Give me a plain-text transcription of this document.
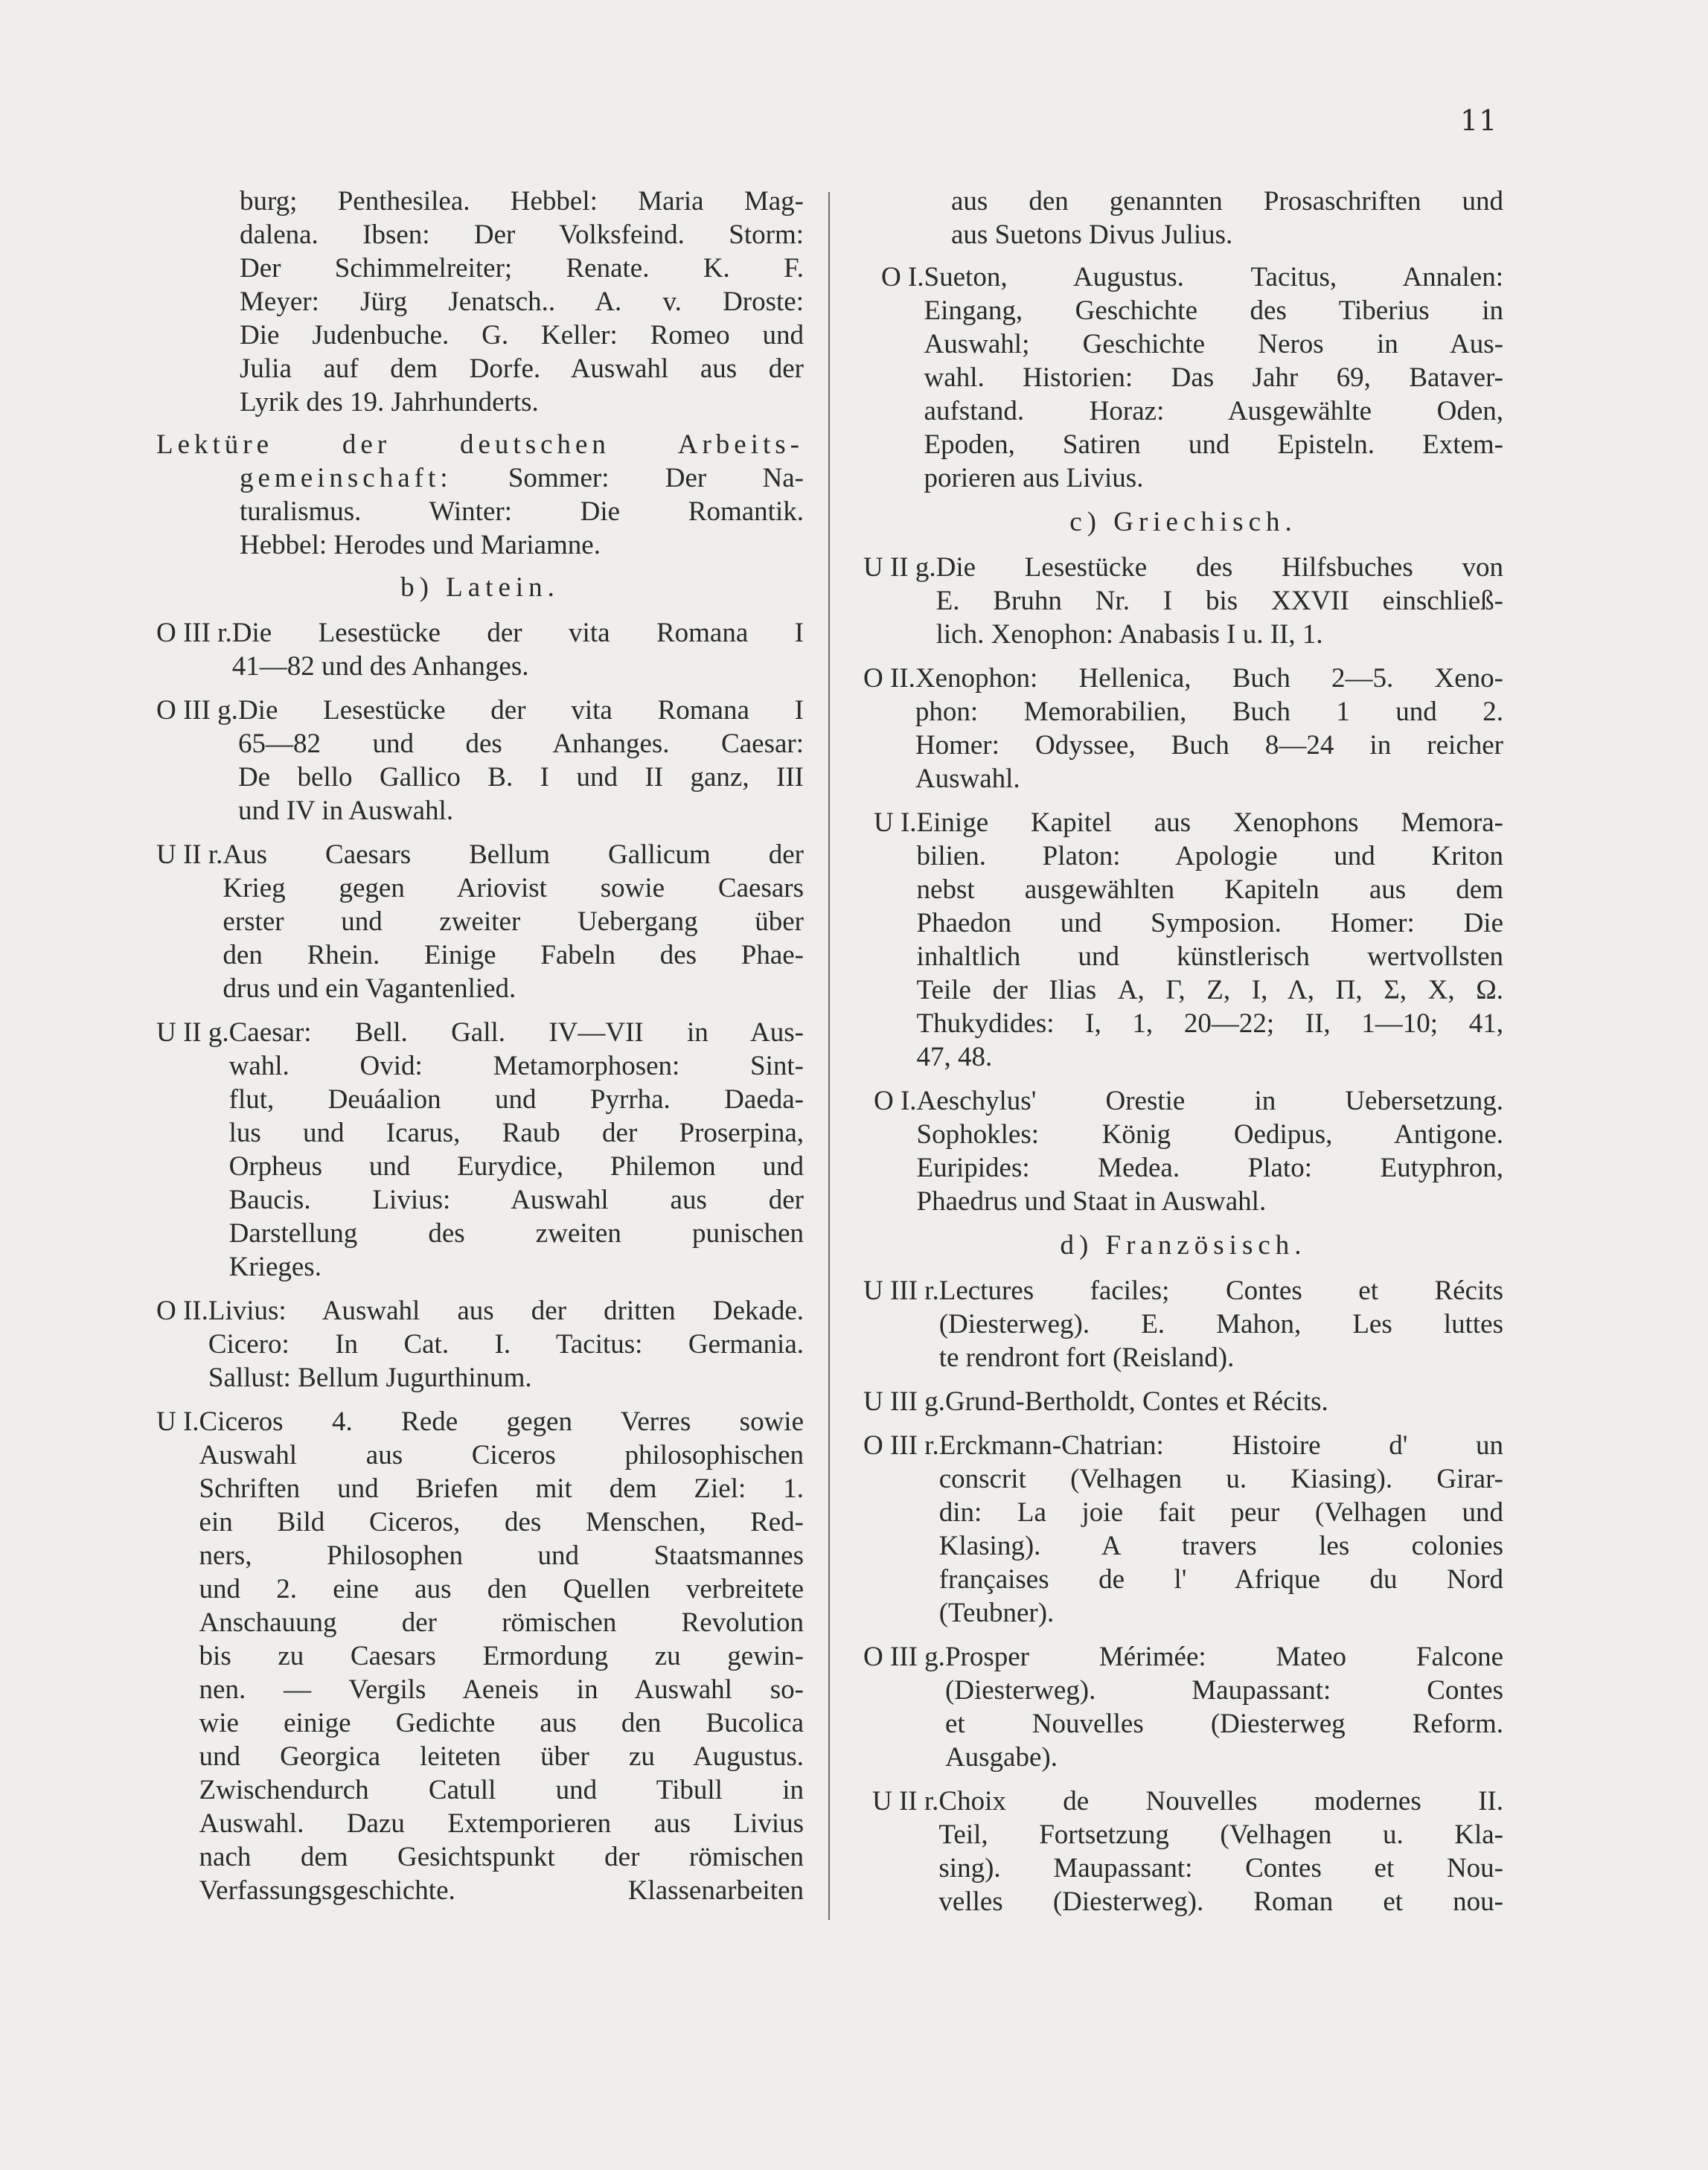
11
burg; Penthesilea. Hebbel: Maria Mag-
dalena. Ibsen: Der Volksfeind. Storm:
Der Schimmelreiter; Renate. K. F.
Meyer: Jürg Jenatsch.. A. v. Droste:
Die Judenbuche. G. Keller: Romeo und
Julia auf dem Dorfe. Auswahl aus der
Lyrik des 19. Jahrhunderts.
Lektüre der deutschen Arbeits-
gemeinschaft: Sommer: Der Na-
turalismus. Winter: Die Romantik.
Hebbel: Herodes und Mariamne.
b) Latein.
O III r. Die Lesestücke der vita Romana I
41—82 und des Anhanges.
O III g. Die Lesestücke der vita Romana I
65—82 und des Anhanges. Caesar:
De bello Gallico B. I und II ganz, III
und IV in Auswahl.
U II r. Aus Caesars Bellum Gallicum der
Krieg gegen Ariovist sowie Caesars
erster und zweiter Uebergang über
den Rhein. Einige Fabeln des Phae-
drus und ein Vagantenlied.
U II g. Caesar: Bell. Gall. IV—VII in Aus-
wahl. Ovid: Metamorphosen: Sint-
flut, Deuáalion und Pyrrha. Daeda-
lus und Icarus, Raub der Proserpina,
Orpheus und Eurydice, Philemon und
Baucis. Livius: Auswahl aus der
Darstellung des zweiten punischen
Krieges.
O II. Livius: Auswahl aus der dritten Dekade.
Cicero: In Cat. I. Tacitus: Germania.
Sallust: Bellum Jugurthinum.
U I. Ciceros 4. Rede gegen Verres sowie
Auswahl aus Ciceros philosophischen
Schriften und Briefen mit dem Ziel: 1.
ein Bild Ciceros, des Menschen, Red-
ners, Philosophen und Staatsmannes
und 2. eine aus den Quellen verbreitete
Anschauung der römischen Revolution
bis zu Caesars Ermordung zu gewin-
nen. — Vergils Aeneis in Auswahl so-
wie einige Gedichte aus den Bucolica
und Georgica leiteten über zu Augustus.
Zwischendurch Catull und Tibull in
Auswahl. Dazu Extemporieren aus Livius
nach dem Gesichtspunkt der römischen
Verfassungsgeschichte. Klassenarbeiten
aus den genannten Prosaschriften und
aus Suetons Divus Julius.
O I. Sueton, Augustus. Tacitus, Annalen:
Eingang, Geschichte des Tiberius in
Auswahl; Geschichte Neros in Aus-
wahl. Historien: Das Jahr 69, Bataver-
aufstand. Horaz: Ausgewählte Oden,
Epoden, Satiren und Episteln. Extem-
porieren aus Livius.
c) Griechisch.
U II g. Die Lesestücke des Hilfsbuches von
E. Bruhn Nr. I bis XXVII einschließ-
lich. Xenophon: Anabasis I u. II, 1.
O II. Xenophon: Hellenica, Buch 2—5. Xeno-
phon: Memorabilien, Buch 1 und 2.
Homer: Odyssee, Buch 8—24 in reicher
Auswahl.
U I. Einige Kapitel aus Xenophons Memora-
bilien. Platon: Apologie und Kriton
nebst ausgewählten Kapiteln aus dem
Phaedon und Symposion. Homer: Die
inhaltlich und künstlerisch wertvollsten
Teile der Ilias Α, Γ, Ζ, Ι, Λ, Π, Σ, Χ, Ω.
Thukydides: I, 1, 20—22; II, 1—10; 41,
47, 48.
O I. Aeschylus' Orestie in Uebersetzung.
Sophokles: König Oedipus, Antigone.
Euripides: Medea. Plato: Eutyphron,
Phaedrus und Staat in Auswahl.
d) Französisch.
U III r. Lectures faciles; Contes et Récits
(Diesterweg). E. Mahon, Les luttes
te rendront fort (Reisland).
U III g. Grund-Bertholdt, Contes et Récits.
O III r. Erckmann-Chatrian: Histoire d' un
conscrit (Velhagen u. Kiasing). Girar-
din: La joie fait peur (Velhagen und
Klasing). A travers les colonies
françaises de l' Afrique du Nord
(Teubner).
O III g. Prosper Mérimée: Mateo Falcone
(Diesterweg). Maupassant: Contes
et Nouvelles (Diesterweg Reform.
Ausgabe).
U II r. Choix de Nouvelles modernes II.
Teil, Fortsetzung (Velhagen u. Kla-
sing). Maupassant: Contes et Nou-
velles (Diesterweg). Roman et nou-
